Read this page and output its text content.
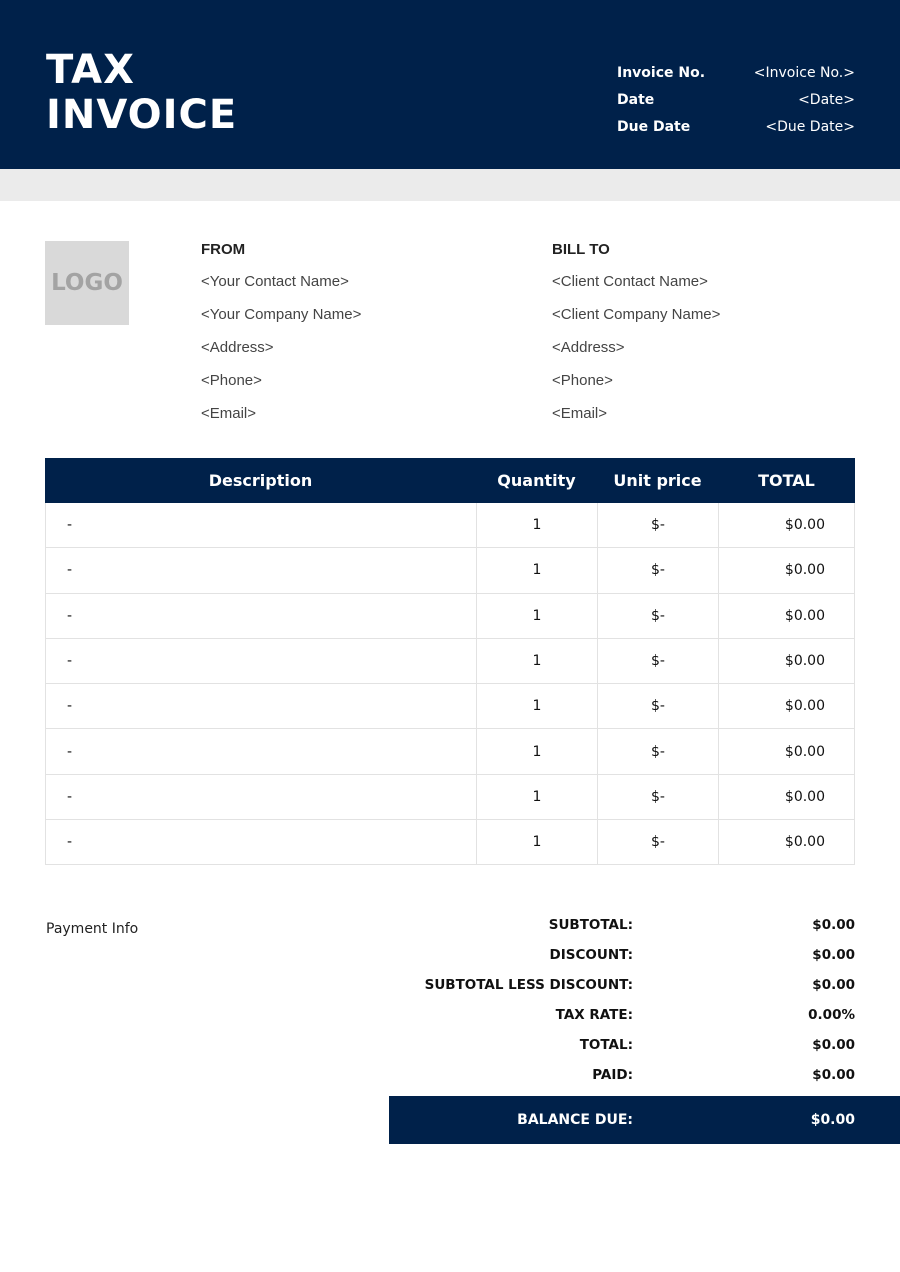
TAX
INVOICE
Invoice No.	<Invoice No.>
Date	<Date>
Due Date	<Due Date>
LOGO
FROM
<Your Contact Name>
<Your Company Name>
<Address>
<Phone>
<Email>
BILL TO
<Client Contact Name>
<Client Company Name>
<Address>
<Phone>
<Email>
Description	Quantity	Unit price	TOTAL
-	1	$-	$0.00
-	1	$-	$0.00
-	1	$-	$0.00
-	1	$-	$0.00
-	1	$-	$0.00
-	1	$-	$0.00
-	1	$-	$0.00
-	1	$-	$0.00
Payment Info	SUBTOTAL:	$0.00
DISCOUNT:	$0.00
SUBTOTAL LESS DISCOUNT:	$0.00
TAX RATE:	0.00%
TOTAL:	$0.00
PAID:	$0.00
BALANCE DUE:	$0.00
